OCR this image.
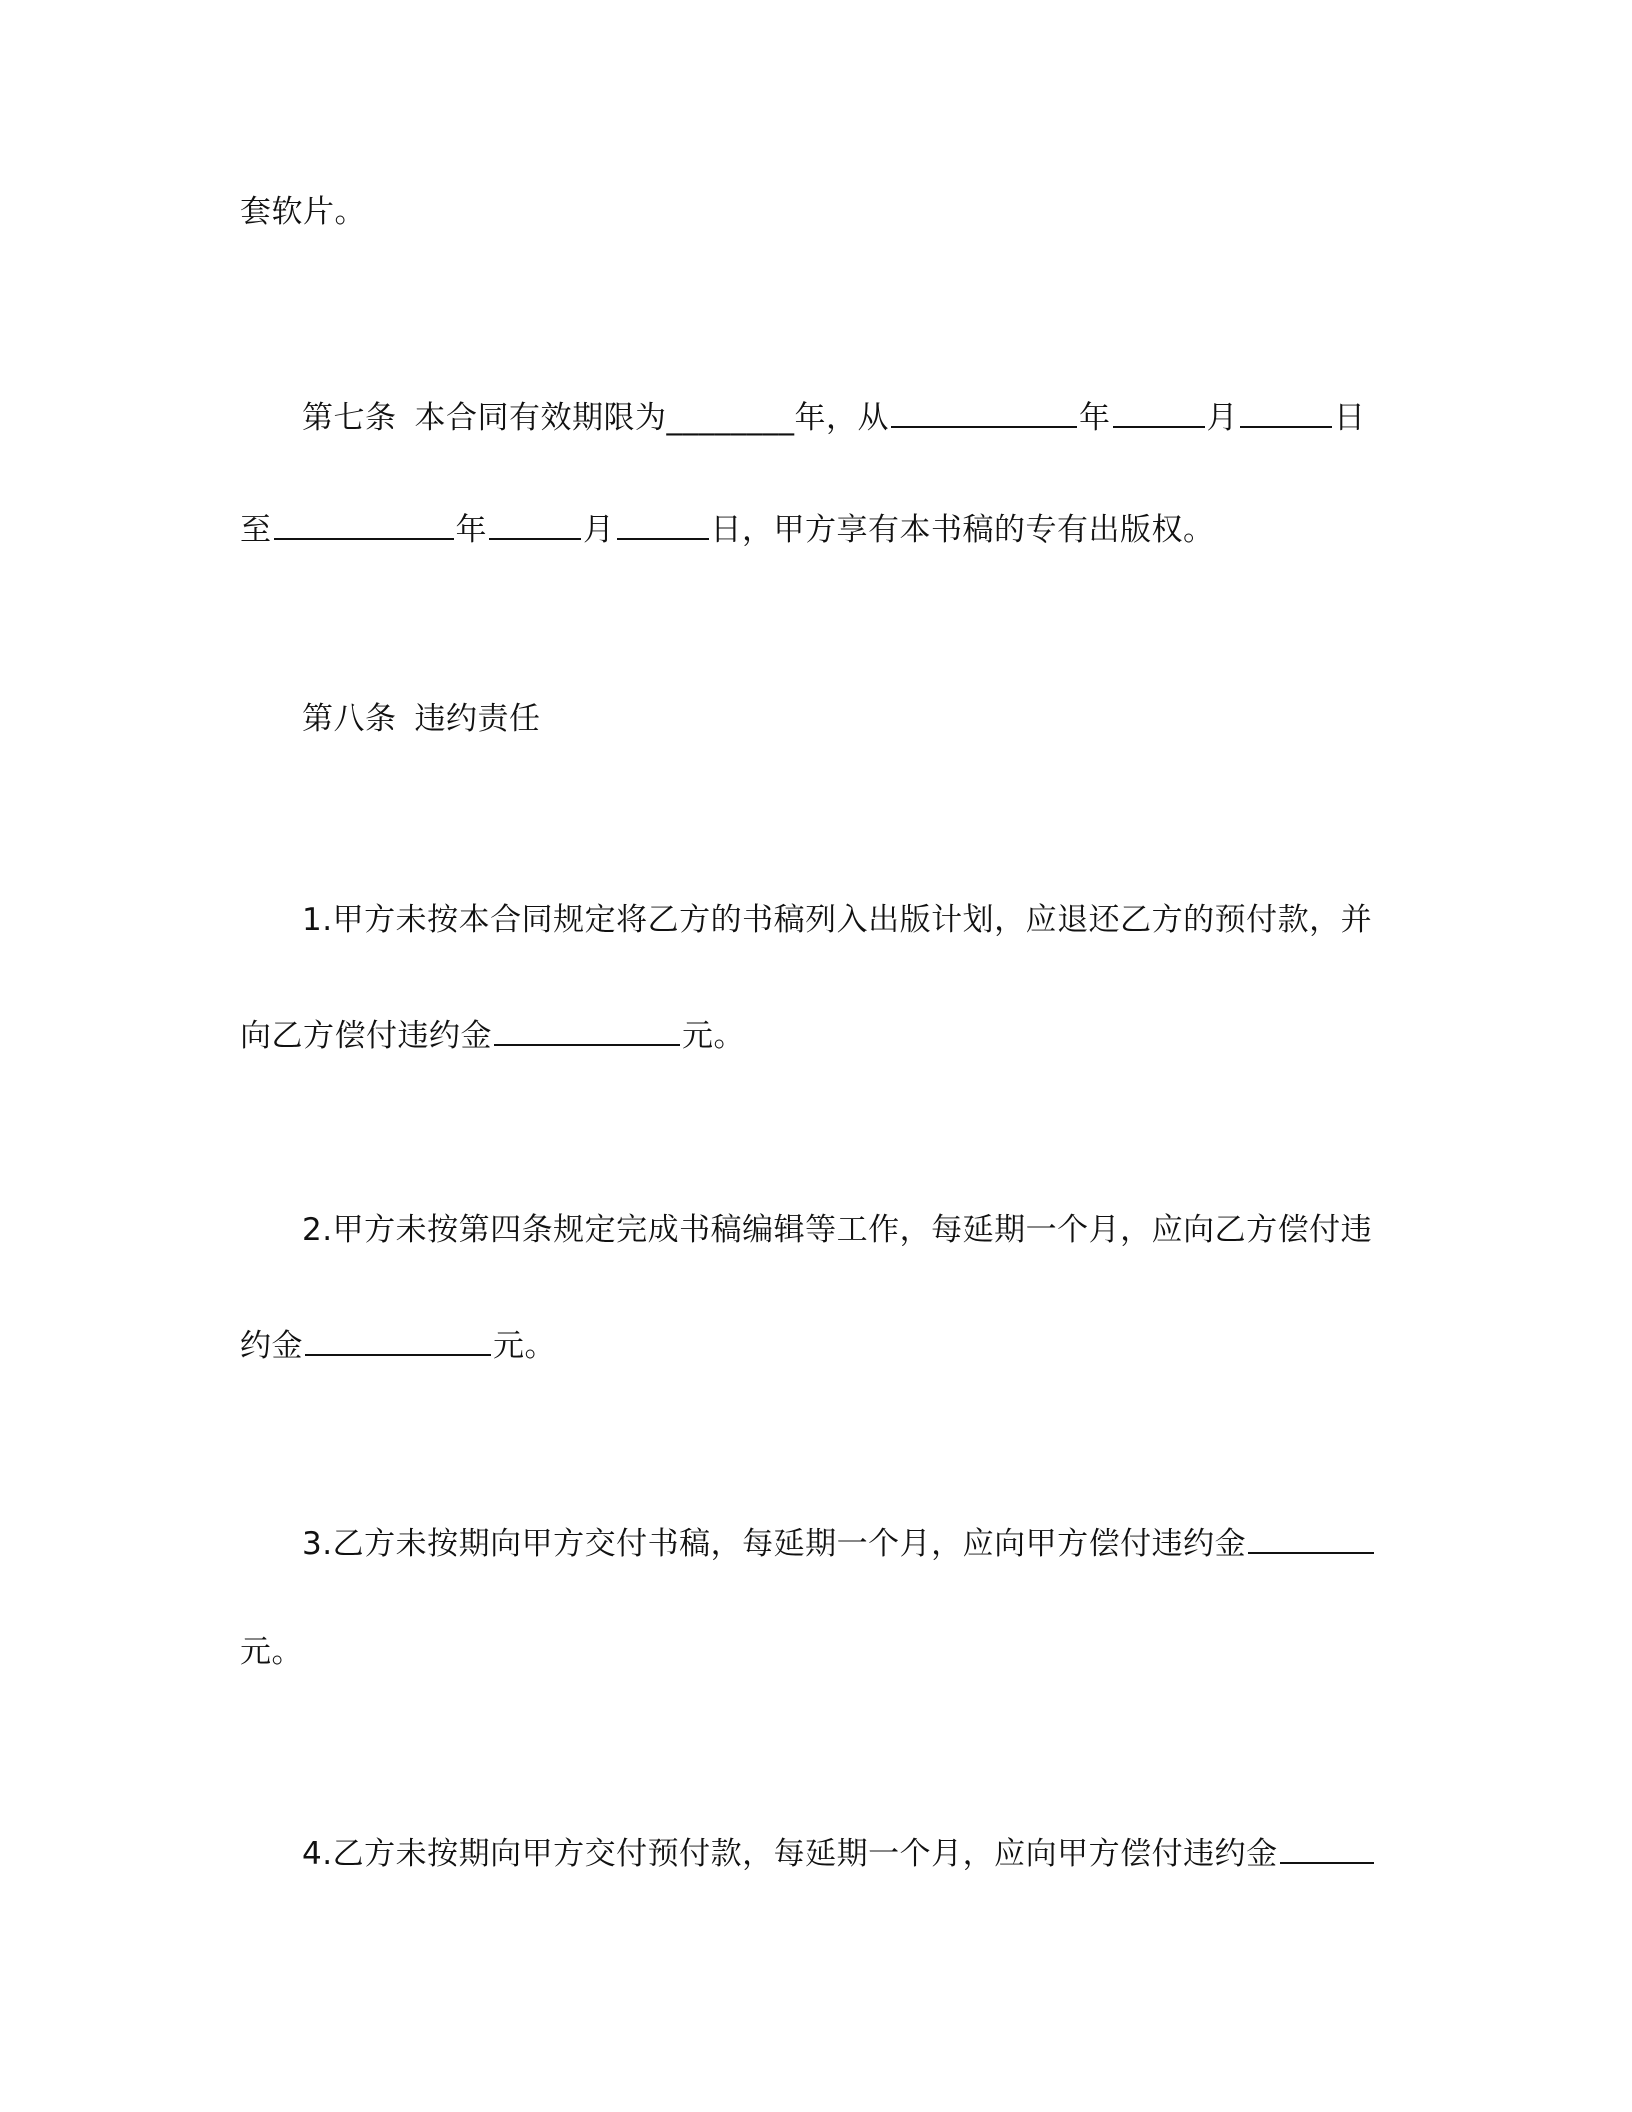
套软片。
第七条 本合同有效期限为________年，从	年	月	日
至	年	月	日，甲方享有本书稿的专有出版权。
第八条 违约责任
1.甲方未按本合同规定将乙方的书稿列入出版计划，应退还乙方的预付款，并
向乙方偿付违约金	元。
2.甲方未按第四条规定完成书稿编辑等工作，每延期一个月，应向乙方偿付违
约金	元。
3.乙方未按期向甲方交付书稿，每延期一个月，应向甲方偿付违约金
元。
4.乙方未按期向甲方交付预付款，每延期一个月，应向甲方偿付违约金
